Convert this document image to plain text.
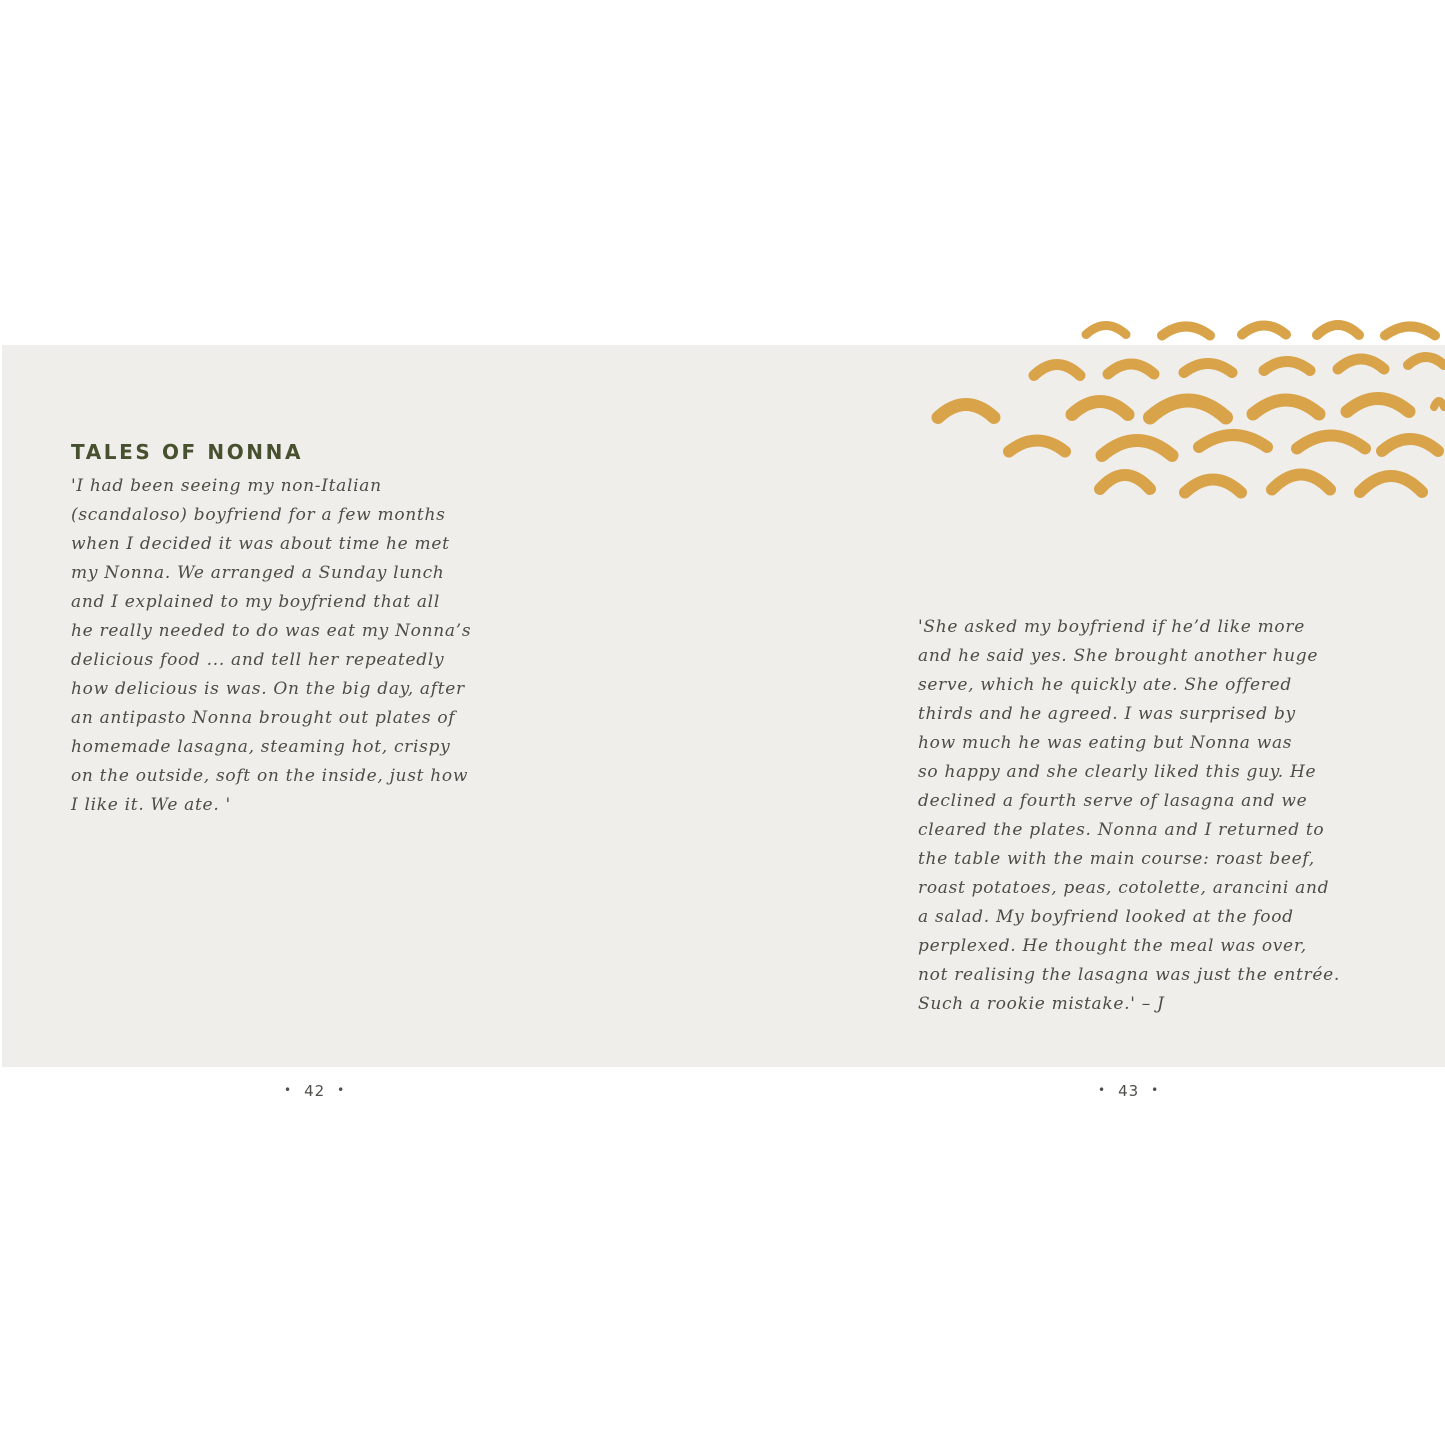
TALES OF NONNA
'I had been seeing my non-Italian
(scandaloso) boyfriend for a few months
when I decided it was about time he met
my Nonna. We arranged a Sunday lunch
and I explained to my boyfriend that all
he really needed to do was eat my Nonna’s
delicious food ... and tell her repeatedly
how delicious is was. On the big day, after
an antipasto Nonna brought out plates of
homemade lasagna, steaming hot, crispy
on the outside, soft on the inside, just how
I like it. We ate. '
'She asked my boyfriend if he’d like more
and he said yes. She brought another huge
serve, which he quickly ate. She offered
thirds and he agreed. I was surprised by
how much he was eating but Nonna was
so happy and she clearly liked this guy. He
declined a fourth serve of lasagna and we
cleared the plates. Nonna and I returned to
the table with the main course: roast beef,
roast potatoes, peas, cotolette, arancini and
a salad. My boyfriend looked at the food
perplexed. He thought the meal was over,
not realising the lasagna was just the entrée.
Such a rookie mistake.' – J
• 42 •	• 43 •
